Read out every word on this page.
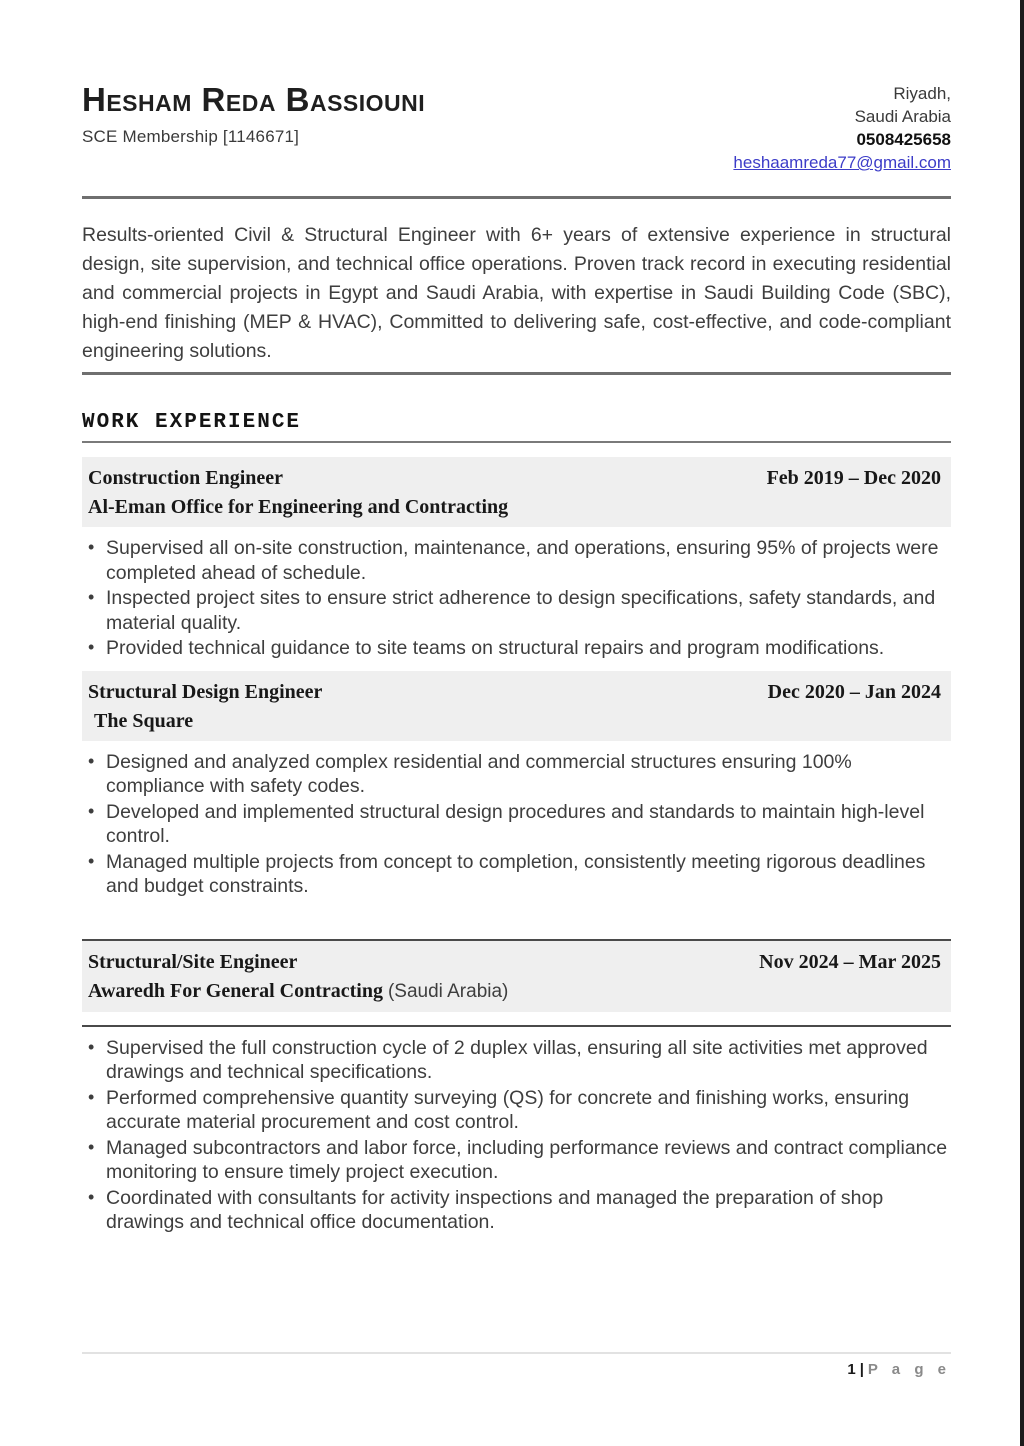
Hesham Reda Bassiouni
SCE Membership [1146671]
Riyadh,
Saudi Arabia
0508425658
heshaamreda77@gmail.com

Results-oriented Civil & Structural Engineer with 6+ years of extensive experience in structural design, site supervision, and technical office operations. Proven track record in executing residential and commercial projects in Egypt and Saudi Arabia, with expertise in Saudi Building Code (SBC), high-end finishing (MEP & HVAC), Committed to delivering safe, cost-effective, and code-compliant engineering solutions.

WORK EXPERIENCE
Construction Engineer	Feb 2019 – Dec 2020
Al-Eman Office for Engineering and Contracting
• Supervised all on-site construction, maintenance, and operations, ensuring 95% of projects were completed ahead of schedule.
• Inspected project sites to ensure strict adherence to design specifications, safety standards, and material quality.
• Provided technical guidance to site teams on structural repairs and program modifications.
Structural Design Engineer	Dec 2020 – Jan 2024
The Square
• Designed and analyzed complex residential and commercial structures ensuring 100% compliance with safety codes.
• Developed and implemented structural design procedures and standards to maintain high-level control.
• Managed multiple projects from concept to completion, consistently meeting rigorous deadlines and budget constraints.
Structural/Site Engineer	Nov 2024 – Mar 2025
Awaredh For General Contracting (Saudi Arabia)
• Supervised the full construction cycle of 2 duplex villas, ensuring all site activities met approved drawings and technical specifications.
• Performed comprehensive quantity surveying (QS) for concrete and finishing works, ensuring accurate material procurement and cost control.
• Managed subcontractors and labor force, including performance reviews and contract compliance monitoring to ensure timely project execution.
• Coordinated with consultants for activity inspections and managed the preparation of shop drawings and technical office documentation.
1 | P a g e
